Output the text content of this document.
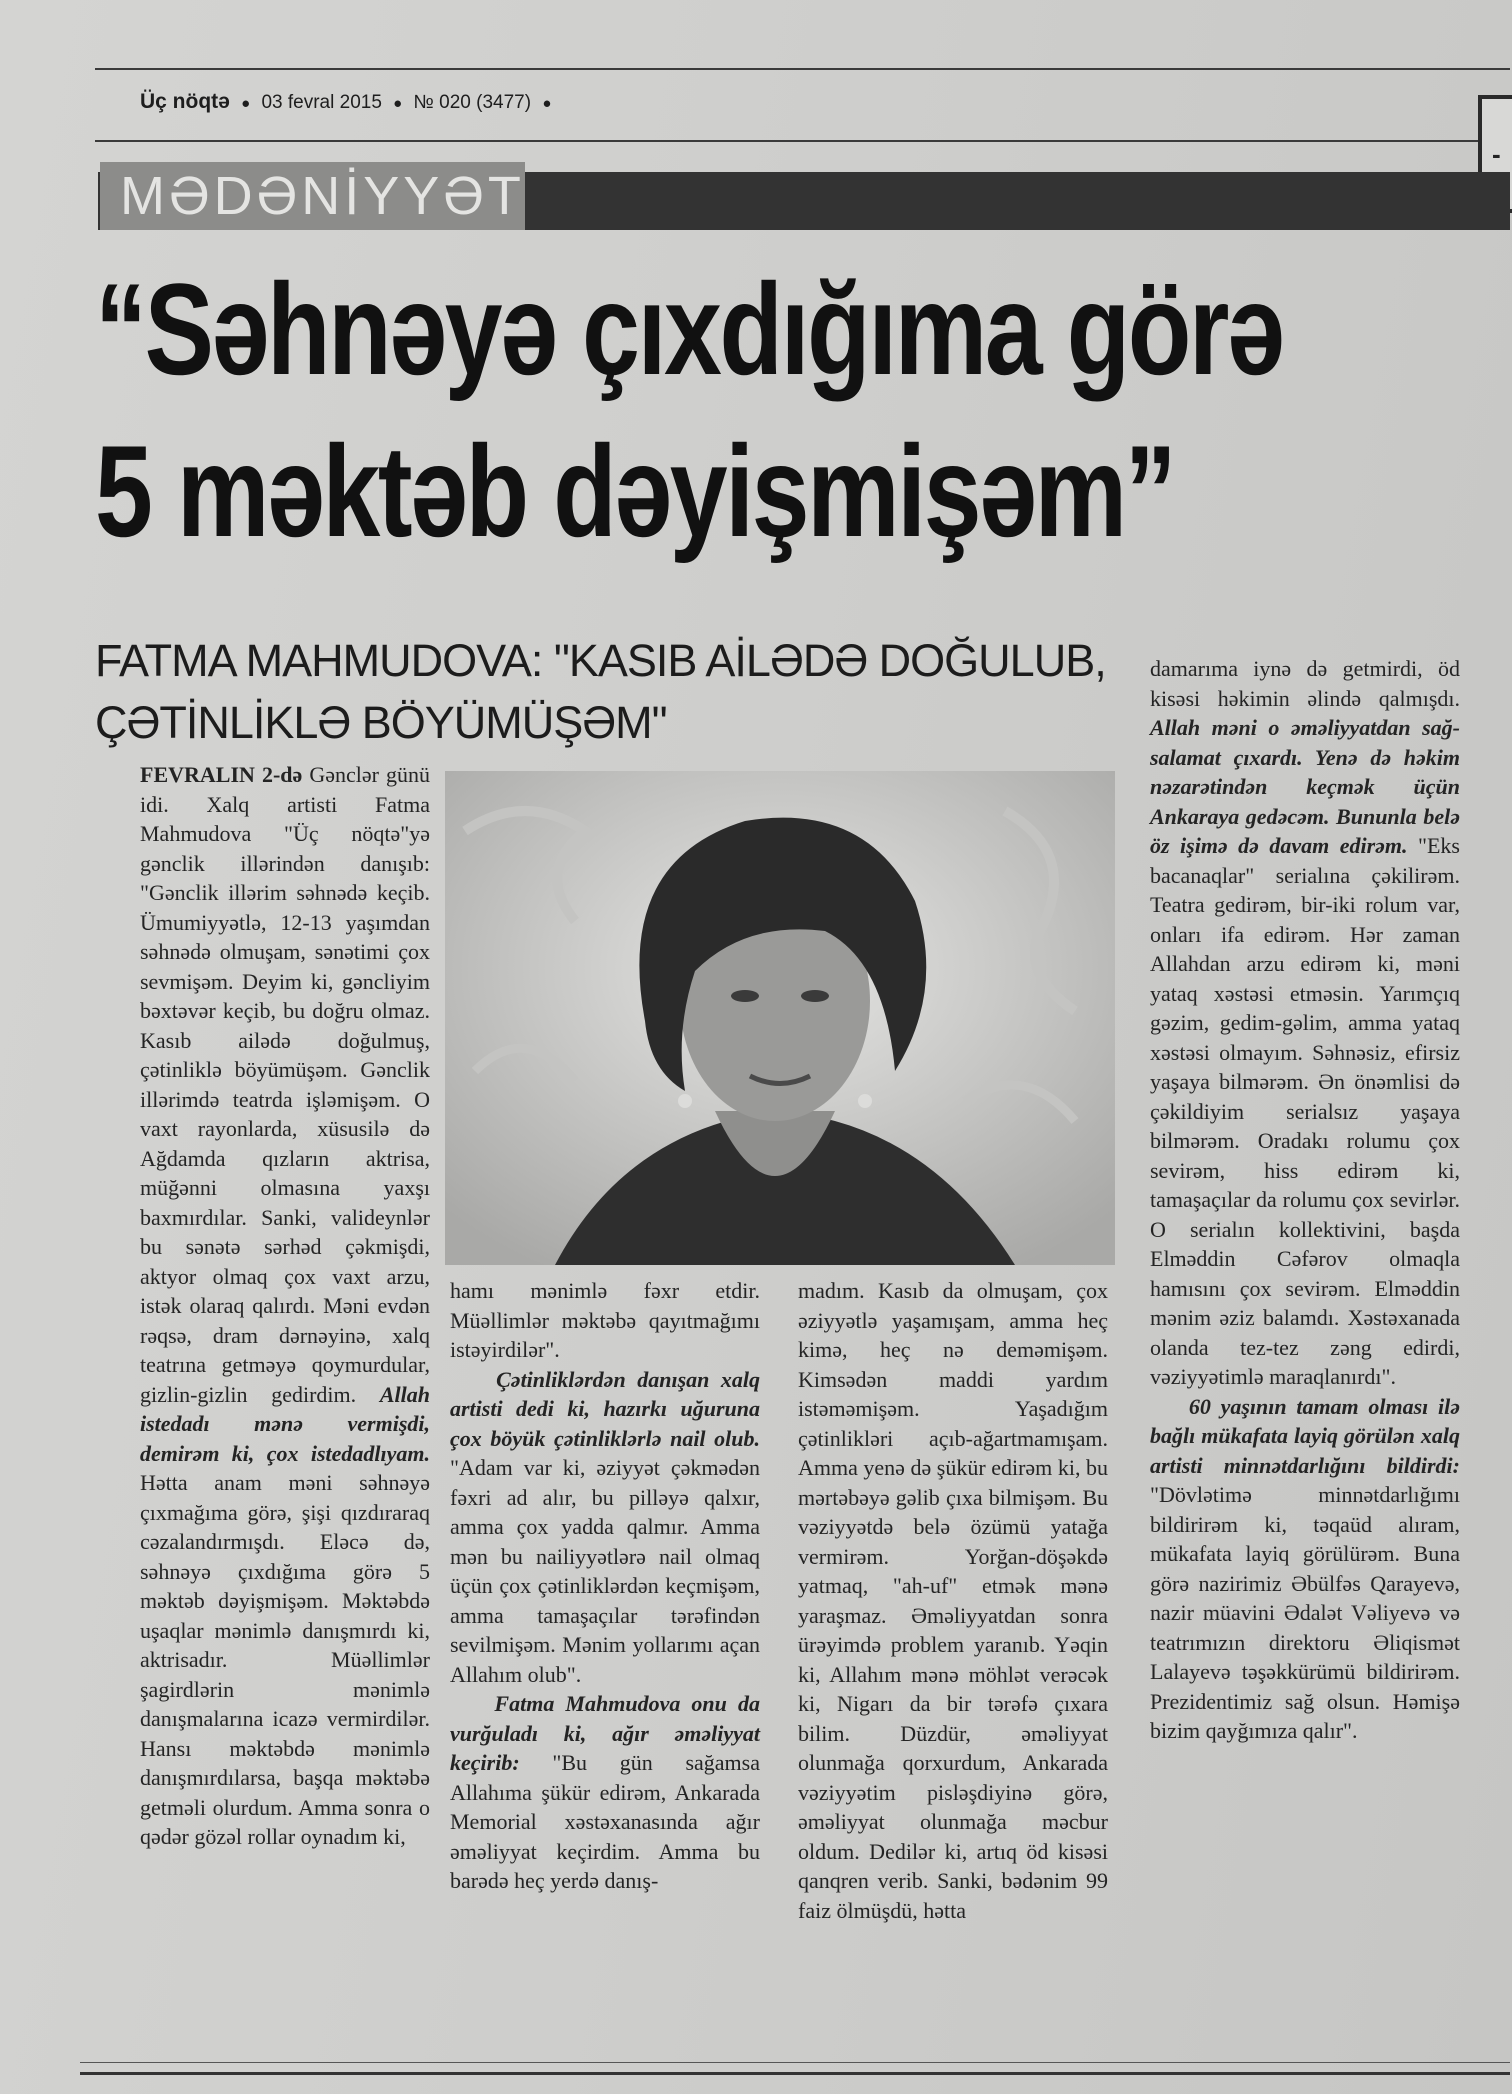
Üç nöqtə ● 03 fevral 2015 ● № 020 (3477) ●
-
MƏDƏNİYYƏT
“Səhnəyə çıxdığıma görə
5 məktəb dəyişmişəm”
FATMA MAHMUDOVA: "KASIB AİLƏDƏ DOĞULUB, ÇƏTİNLİKLƏ BÖYÜMÜŞƏM"

FEVRALIN 2-də Gənclər günü idi. Xalq artisti Fatma Mahmudova "Üç nöqtə"yə gənclik illərindən danışıb: "Gənclik illərim səhnədə keçib. Ümumiyyətlə, 12-13 yaşımdan səhnədə olmuşam, sənətimi çox sevmişəm. Deyim ki, gəncliyim bəxtəvər keçib, bu doğru olmaz. Kasıb ailədə doğulmuş, çətinliklə böyümüşəm. Gənclik illərimdə teatrda işləmişəm. O vaxt rayonlarda, xüsusilə də Ağdamda qızların aktrisa, müğənni olmasına yaxşı baxmırdılar. Sanki, valideynlər bu sənətə sərhəd çəkmişdi, aktyor olmaq çox vaxt arzu, istək olaraq qalırdı. Məni evdən rəqsə, dram dərnəyinə, xalq teatrına getməyə qoymurdular, gizlin-gizlin gedirdim. Allah istedadı mənə vermişdi, demirəm ki, çox istedadlıyam. Hətta anam məni səhnəyə çıxmağıma görə, şişi qızdıraraq cəzalandırmışdı. Eləcə də, səhnəyə çıxdığıma görə 5 məktəb dəyişmişəm. Məktəbdə uşaqlar mənimlə danışmırdı ki, aktrisadır. Müəllimlər şagirdlərin mənimlə danışmalarına icazə vermirdilər. Hansı məktəbdə mənimlə danışmırdılarsa, başqa məktəbə getməli olurdum. Amma sonra o qədər gözəl rollar oynadım ki,

hamı mənimlə fəxr etdir. Müəllimlər məktəbə qayıtmağımı istəyirdilər".

Çətinliklərdən danışan xalq artisti dedi ki, hazırkı uğuruna çox böyük çətinliklərlə nail olub. "Adam var ki, əziyyət çəkmədən fəxri ad alır, bu pilləyə qalxır, amma çox yadda qalmır. Amma mən bu nailiyyətlərə nail olmaq üçün çox çətinliklərdən keçmişəm, amma tamaşaçılar tərəfindən sevilmişəm. Mənim yollarımı açan Allahım olub".

Fatma Mahmudova onu da vurğuladı ki, ağır əməliyyat keçirib: "Bu gün sağamsa Allahıma şükür edirəm, Ankarada Memorial xəstəxanasında ağır əməliyyat keçirdim. Amma bu barədə heç yerdə danış-

madım. Kasıb da olmuşam, çox əziyyətlə yaşamışam, amma heç kimə, heç nə deməmişəm. Kimsədən maddi yardım istəməmişəm. Yaşadığım çətinlikləri açıb-ağartmamışam. Amma yenə də şükür edirəm ki, bu mərtəbəyə gəlib çıxa bilmişəm. Bu vəziyyətdə belə özümü yatağa vermirəm. Yorğan-döşəkdə yatmaq, "ah-uf" etmək mənə yaraşmaz. Əməliyyatdan sonra ürəyimdə problem yaranıb. Yəqin ki, Allahım mənə möhlət verəcək ki, Nigarı da bir tərəfə çıxara bilim. Düzdür, əməliyyat olunmağa qorxurdum, Ankarada vəziyyətim pisləşdiyinə görə, əməliyyat olunmağa məcbur oldum. Dedilər ki, artıq öd kisəsi qanqren verib. Sanki, bədənim 99 faiz ölmüşdü, hətta

damarıma iynə də getmirdi, öd kisəsi həkimin əlində qalmışdı. Allah məni o əməliyyatdan sağ-salamat çıxardı. Yenə də həkim nəzarətindən keçmək üçün Ankaraya gedəcəm. Bununla belə öz işimə də davam edirəm. "Eks bacanaqlar" serialına çəkilirəm. Teatra gedirəm, bir-iki rolum var, onları ifa edirəm. Hər zaman Allahdan arzu edirəm ki, məni yataq xəstəsi etməsin. Yarımçıq gəzim, gedim-gəlim, amma yataq xəstəsi olmayım. Səhnəsiz, efirsiz yaşaya bilmərəm. Ən önəmlisi də çəkildiyim serialsız yaşaya bilmərəm. Oradakı rolumu çox sevirəm, hiss edirəm ki, tamaşaçılar da rolumu çox sevirlər. O serialın kollektivini, başda Elməddin Cəfərov olmaqla hamısını çox sevirəm. Elməddin mənim əziz balamdı. Xəstəxanada olanda tez-tez zəng edirdi, vəziyyətimlə maraqlanırdı".

60 yaşının tamam olması ilə bağlı mükafata layiq görülən xalq artisti minnətdarlığını bildirdi: "Dövlətimə minnətdarlığımı bildirirəm ki, təqaüd alıram, mükafata layiq görülürəm. Buna görə nazirimiz Əbülfəs Qarayevə, nazir müavini Ədalət Vəliyevə və teatrımızın direktoru Əliqismət Lalayevə təşəkkürümü bildirirəm. Prezidentimiz sağ olsun. Həmişə bizim qayğımıza qalır".
